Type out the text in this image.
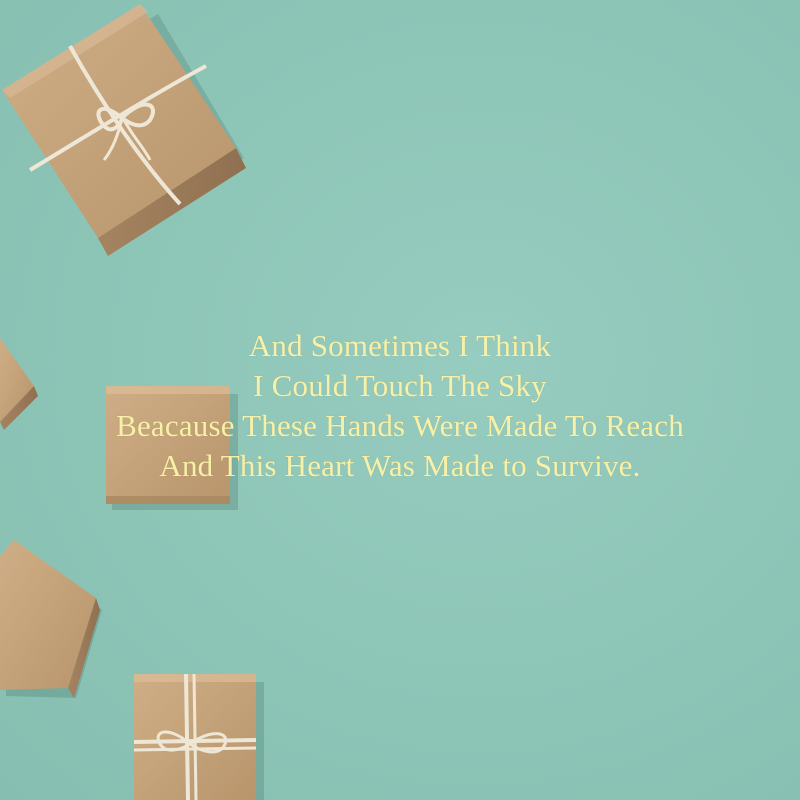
And Sometimes I Think
I Could Touch The Sky
Beacause These Hands Were Made To Reach
And This Heart Was Made to Survive.
